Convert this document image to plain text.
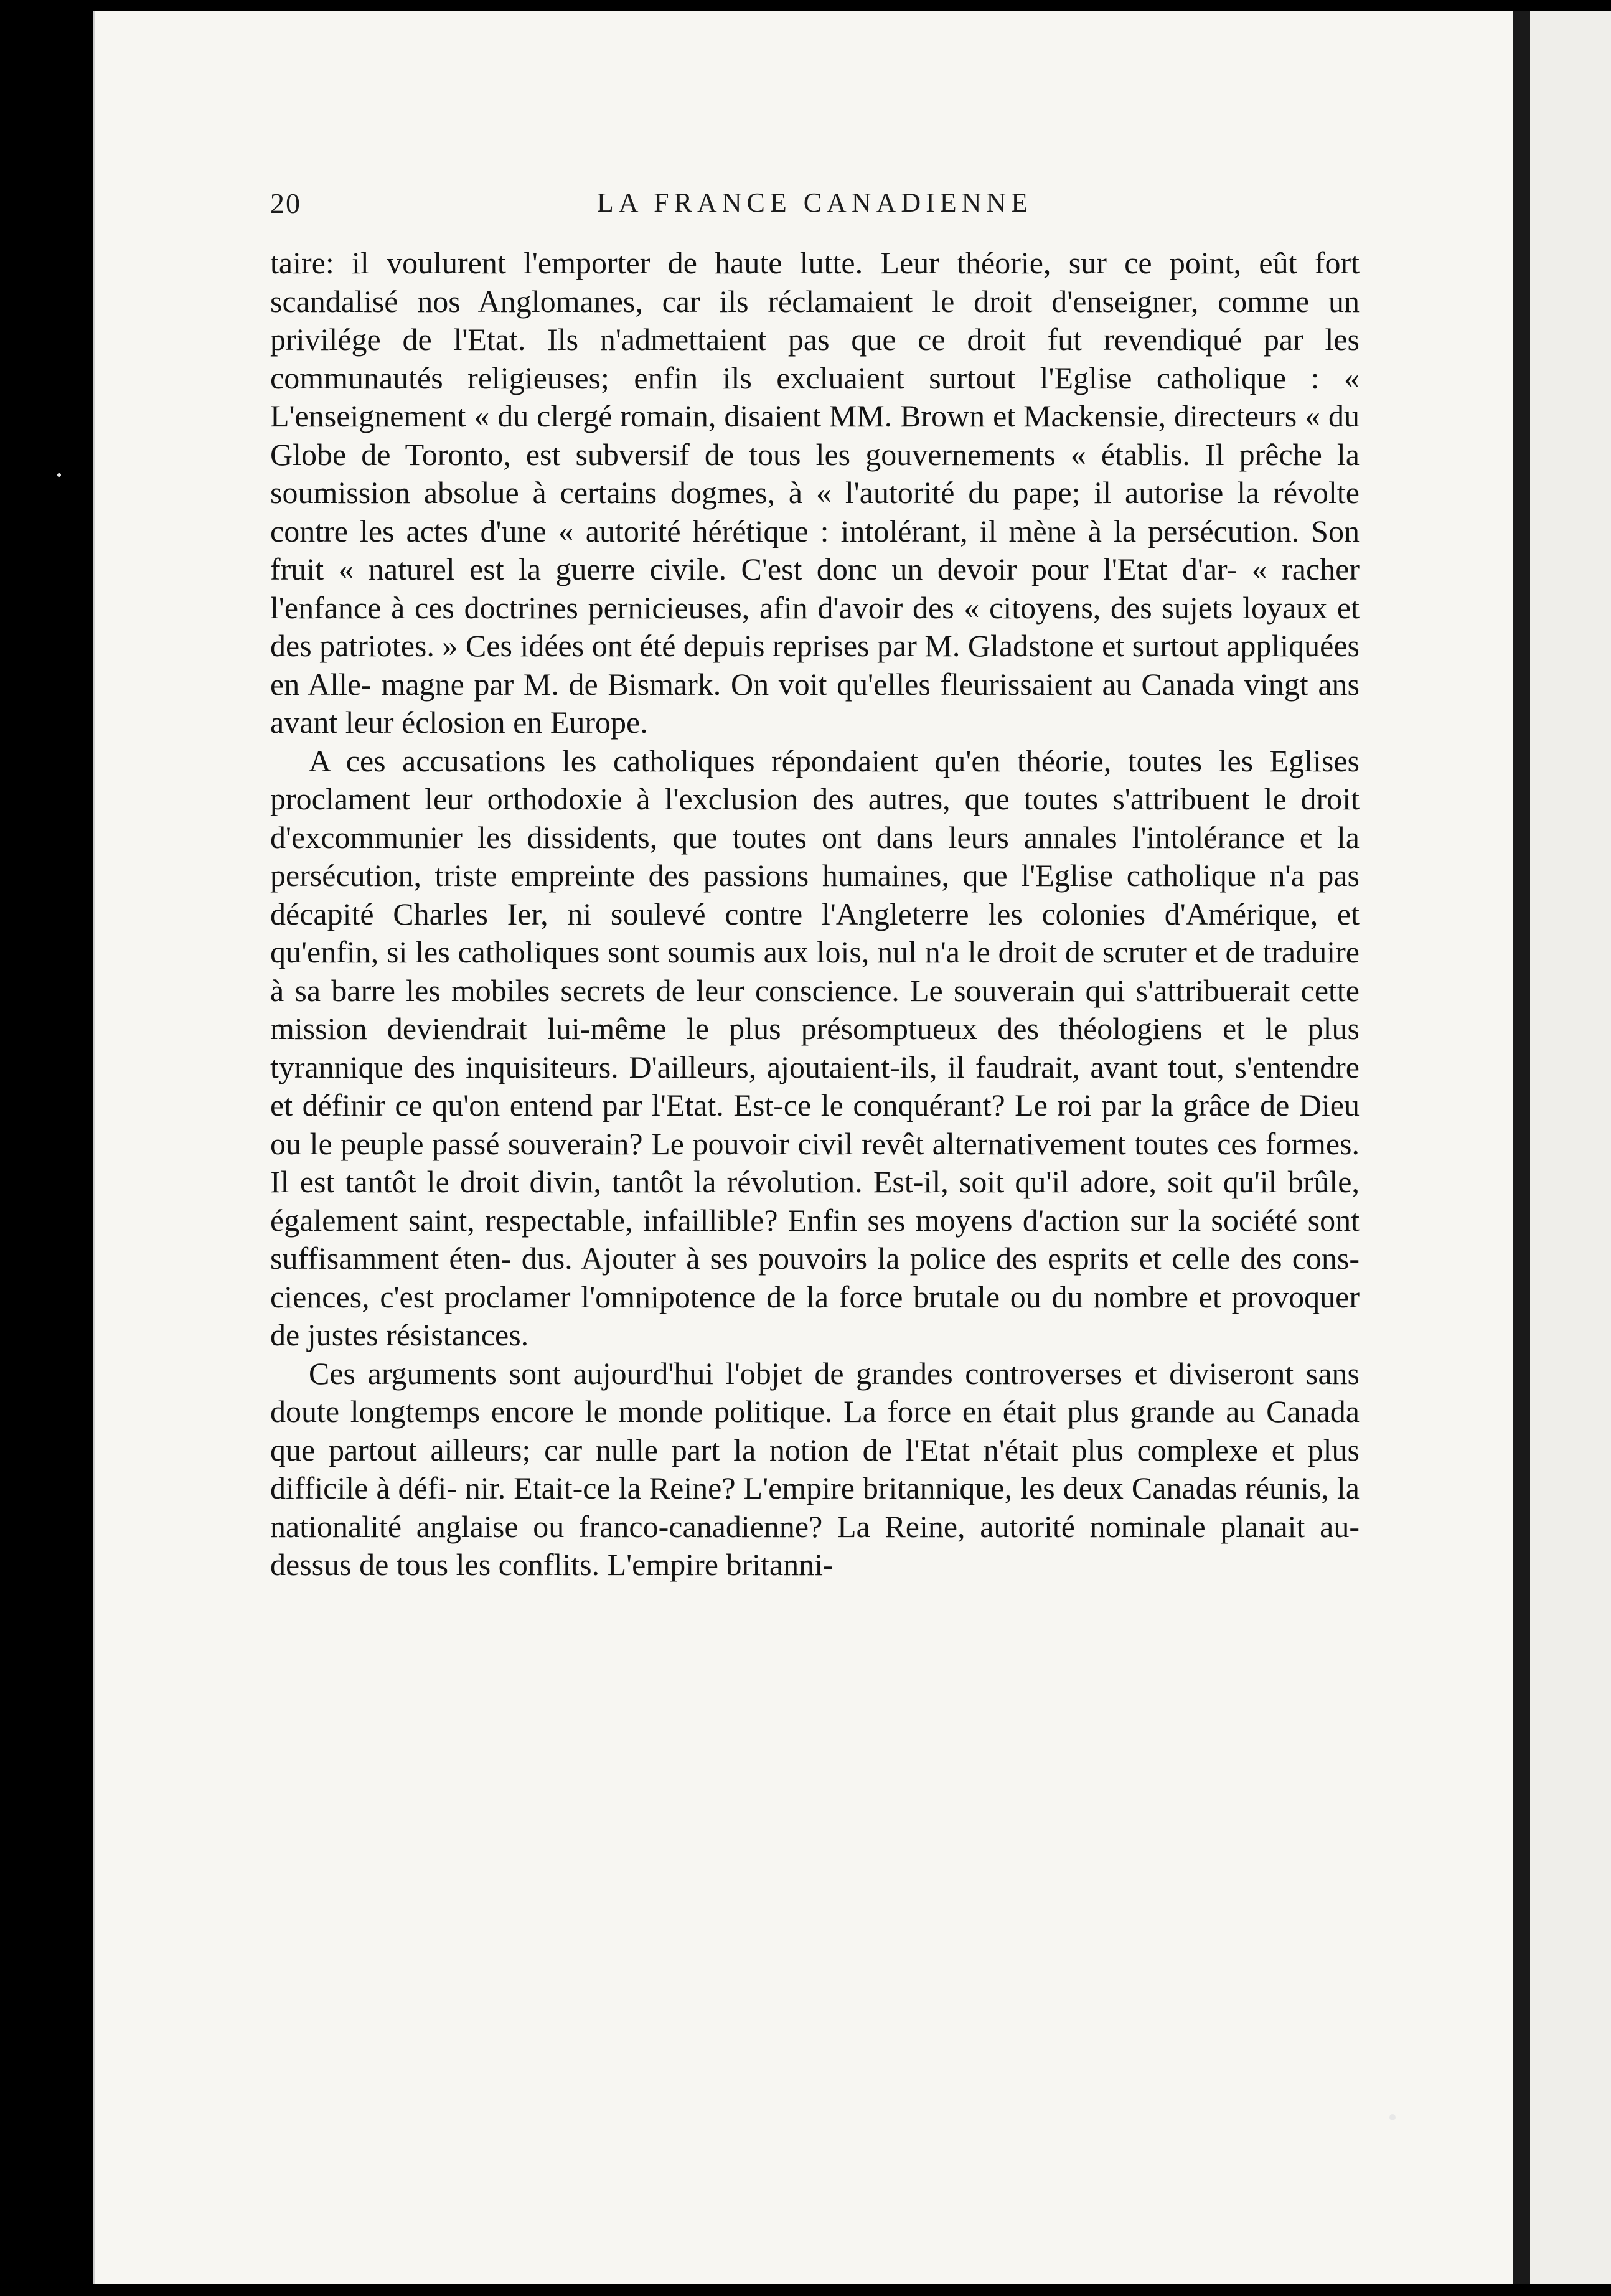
20	LA FRANCE CANADIENNE

taire: il voulurent l'emporter de haute lutte. Leur théorie, sur ce point, eût fort scandalisé nos Anglomanes, car ils réclamaient le droit d'enseigner, comme un privilége de l'Etat. Ils n'admettaient pas que ce droit fut revendiqué par les communautés religieuses; enfin ils excluaient surtout l'Eglise catholique : « L'enseignement « du clergé romain, disaient MM. Brown et Mackensie, directeurs « du Globe de Toronto, est subversif de tous les gouvernements « établis. Il prêche la soumission absolue à certains dogmes, à « l'autorité du pape; il autorise la révolte contre les actes d'une « autorité hérétique : intolérant, il mène à la persécution. Son fruit « naturel est la guerre civile. C'est donc un devoir pour l'Etat d'ar- « racher l'enfance à ces doctrines pernicieuses, afin d'avoir des « citoyens, des sujets loyaux et des patriotes. » Ces idées ont été depuis reprises par M. Gladstone et surtout appliquées en Alle- magne par M. de Bismark. On voit qu'elles fleurissaient au Canada vingt ans avant leur éclosion en Europe.

A ces accusations les catholiques répondaient qu'en théorie, toutes les Eglises proclament leur orthodoxie à l'exclusion des autres, que toutes s'attribuent le droit d'excommunier les dissidents, que toutes ont dans leurs annales l'intolérance et la persécution, triste empreinte des passions humaines, que l'Eglise catholique n'a pas décapité Charles Ier, ni soulevé contre l'Angleterre les colonies d'Amérique, et qu'enfin, si les catholiques sont soumis aux lois, nul n'a le droit de scruter et de traduire à sa barre les mobiles secrets de leur conscience. Le souverain qui s'attribuerait cette mission deviendrait lui-même le plus présomptueux des théologiens et le plus tyrannique des inquisiteurs. D'ailleurs, ajoutaient-ils, il faudrait, avant tout, s'entendre et définir ce qu'on entend par l'Etat. Est-ce le conquérant? Le roi par la grâce de Dieu ou le peuple passé souverain? Le pouvoir civil revêt alternativement toutes ces formes. Il est tantôt le droit divin, tantôt la révolution. Est-il, soit qu'il adore, soit qu'il brûle, également saint, respectable, infaillible? Enfin ses moyens d'action sur la société sont suffisamment éten- dus. Ajouter à ses pouvoirs la police des esprits et celle des cons- ciences, c'est proclamer l'omnipotence de la force brutale ou du nombre et provoquer de justes résistances.

Ces arguments sont aujourd'hui l'objet de grandes controverses et diviseront sans doute longtemps encore le monde politique. La force en était plus grande au Canada que partout ailleurs; car nulle part la notion de l'Etat n'était plus complexe et plus difficile à défi- nir. Etait-ce la Reine? L'empire britannique, les deux Canadas réunis, la nationalité anglaise ou franco-canadienne? La Reine, autorité nominale planait au-dessus de tous les conflits. L'empire britanni-
